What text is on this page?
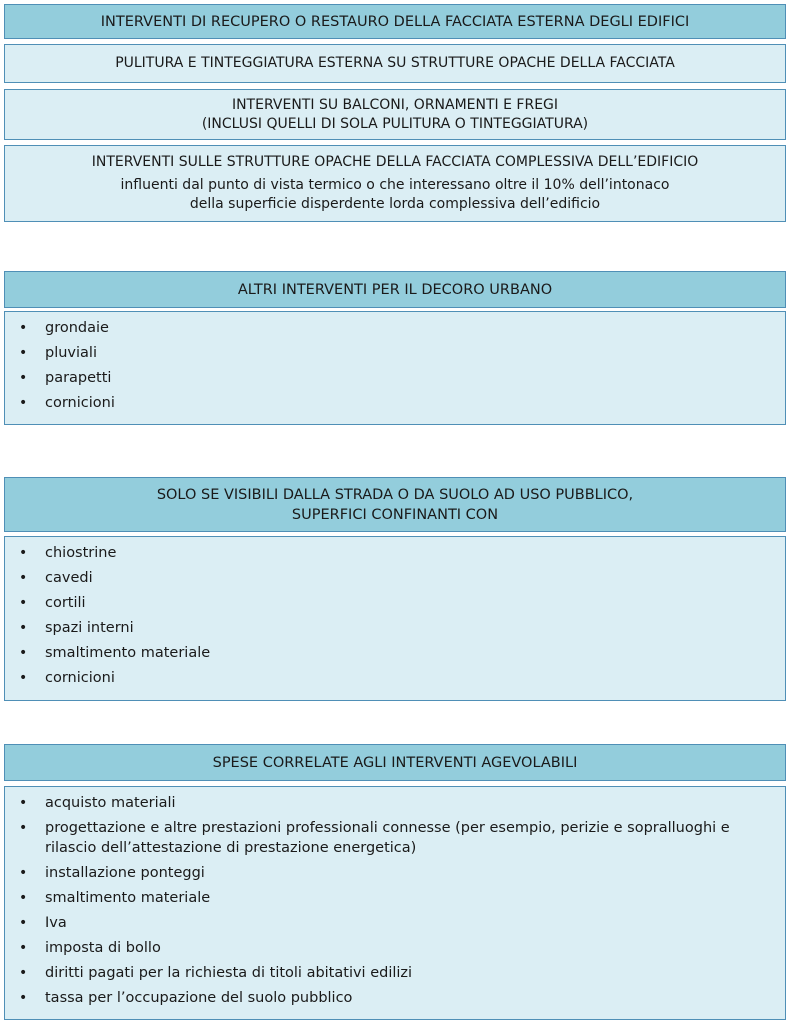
INTERVENTI DI RECUPERO O RESTAURO DELLA FACCIATA ESTERNA DEGLI EDIFICI
PULITURA E TINTEGGIATURA ESTERNA SU STRUTTURE OPACHE DELLA FACCIATA
INTERVENTI SU BALCONI, ORNAMENTI E FREGI
(INCLUSI QUELLI DI SOLA PULITURA O TINTEGGIATURA)
INTERVENTI SULLE STRUTTURE OPACHE DELLA FACCIATA COMPLESSIVA DELL’EDIFICIO
influenti dal punto di vista termico o che interessano oltre il 10% dell’intonaco
della superficie disperdente lorda complessiva dell’edificio
ALTRI INTERVENTI PER IL DECORO URBANO
• grondaie
• pluviali
• parapetti
• cornicioni
SOLO SE VISIBILI DALLA STRADA O DA SUOLO AD USO PUBBLICO,
SUPERFICI CONFINANTI CON
• chiostrine
• cavedi
• cortili
• spazi interni
• smaltimento materiale
• cornicioni
SPESE CORRELATE AGLI INTERVENTI AGEVOLABILI
• acquisto materiali
• progettazione e altre prestazioni professionali connesse (per esempio, perizie e sopralluoghi e rilascio dell’attestazione di prestazione energetica)
• installazione ponteggi
• smaltimento materiale
• Iva
• imposta di bollo
• diritti pagati per la richiesta di titoli abitativi edilizi
• tassa per l’occupazione del suolo pubblico
